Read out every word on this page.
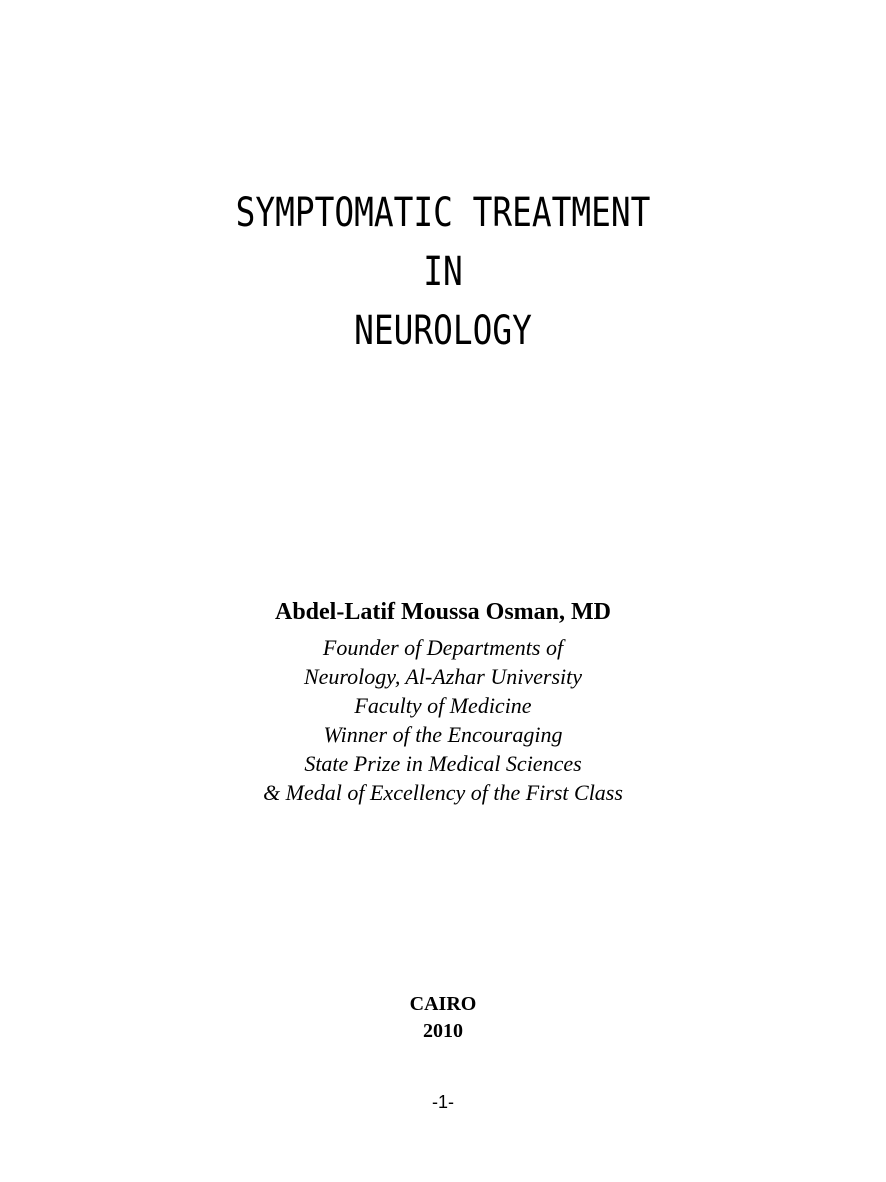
SYMPTOMATIC TREATMENT
IN
NEUROLOGY
Abdel-Latif Moussa Osman, MD
Founder of Departments of
Neurology, Al-Azhar University
Faculty of Medicine
Winner of the Encouraging
State Prize in Medical Sciences
& Medal of Excellency of the First Class
CAIRO
2010
-1-
